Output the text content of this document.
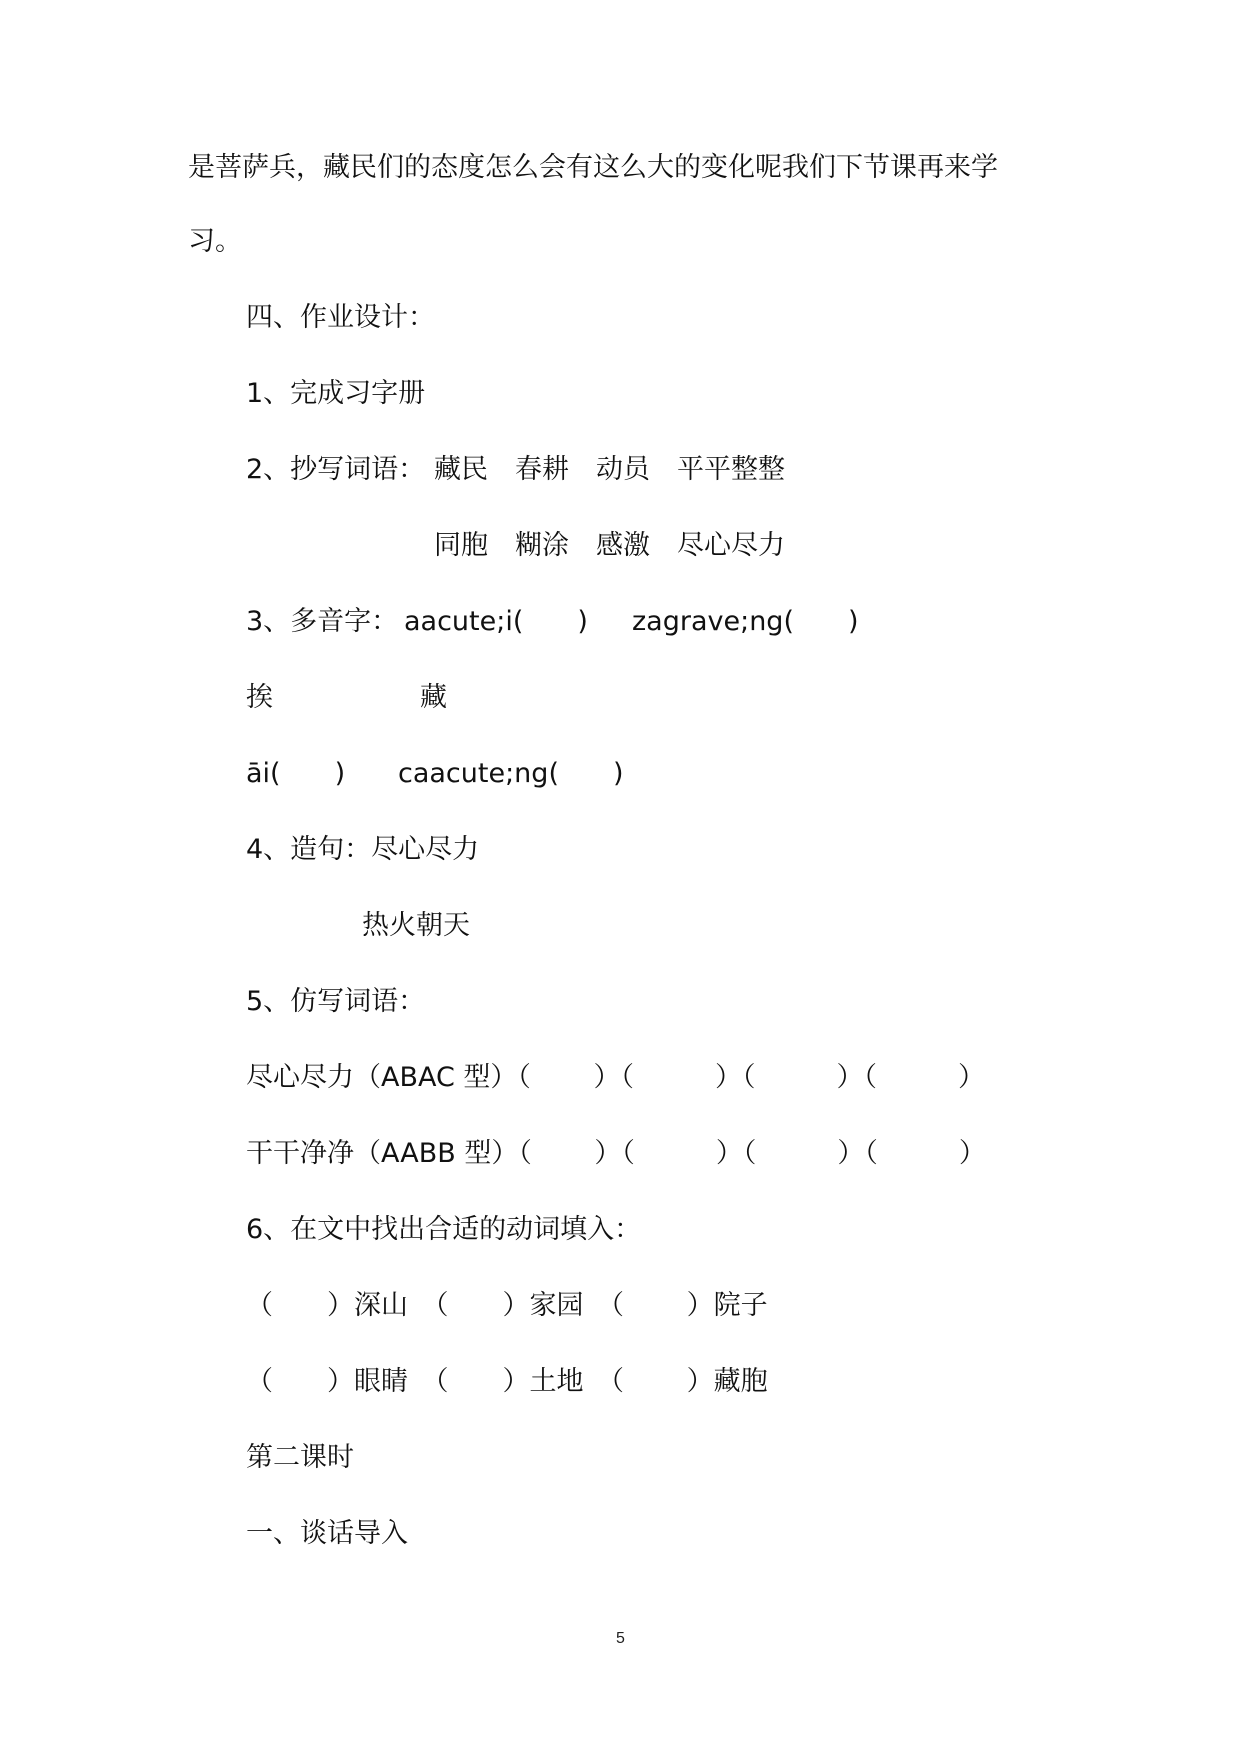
是菩萨兵，藏民们的态度怎么会有这么大的变化呢我们下节课再来学

习。

四、作业设计：

1、完成习字册

2、抄写词语： 藏民　春耕　动员　平平整整

同胞　糊涂　感激　尽心尽力

3、多音字： aacute;i(　　) zagrave;ng(　　)

挨	藏

āi(　　) caacute;ng(　　)

4、造句：尽心尽力

热火朝天

5、仿写词语：

尽心尽力（ABAC 型）（　　 ）（　　　）（　　　）（　　　）

干干净净（AABB 型）（　　 ）（　　　）（　　　）（　　　）

6、在文中找出合适的动词填入：

（　　）深山　（　　）家园　（　　 ）院子

（　　）眼睛　（　　）土地　（　　 ）藏胞

第二课时

一、谈话导入

5
